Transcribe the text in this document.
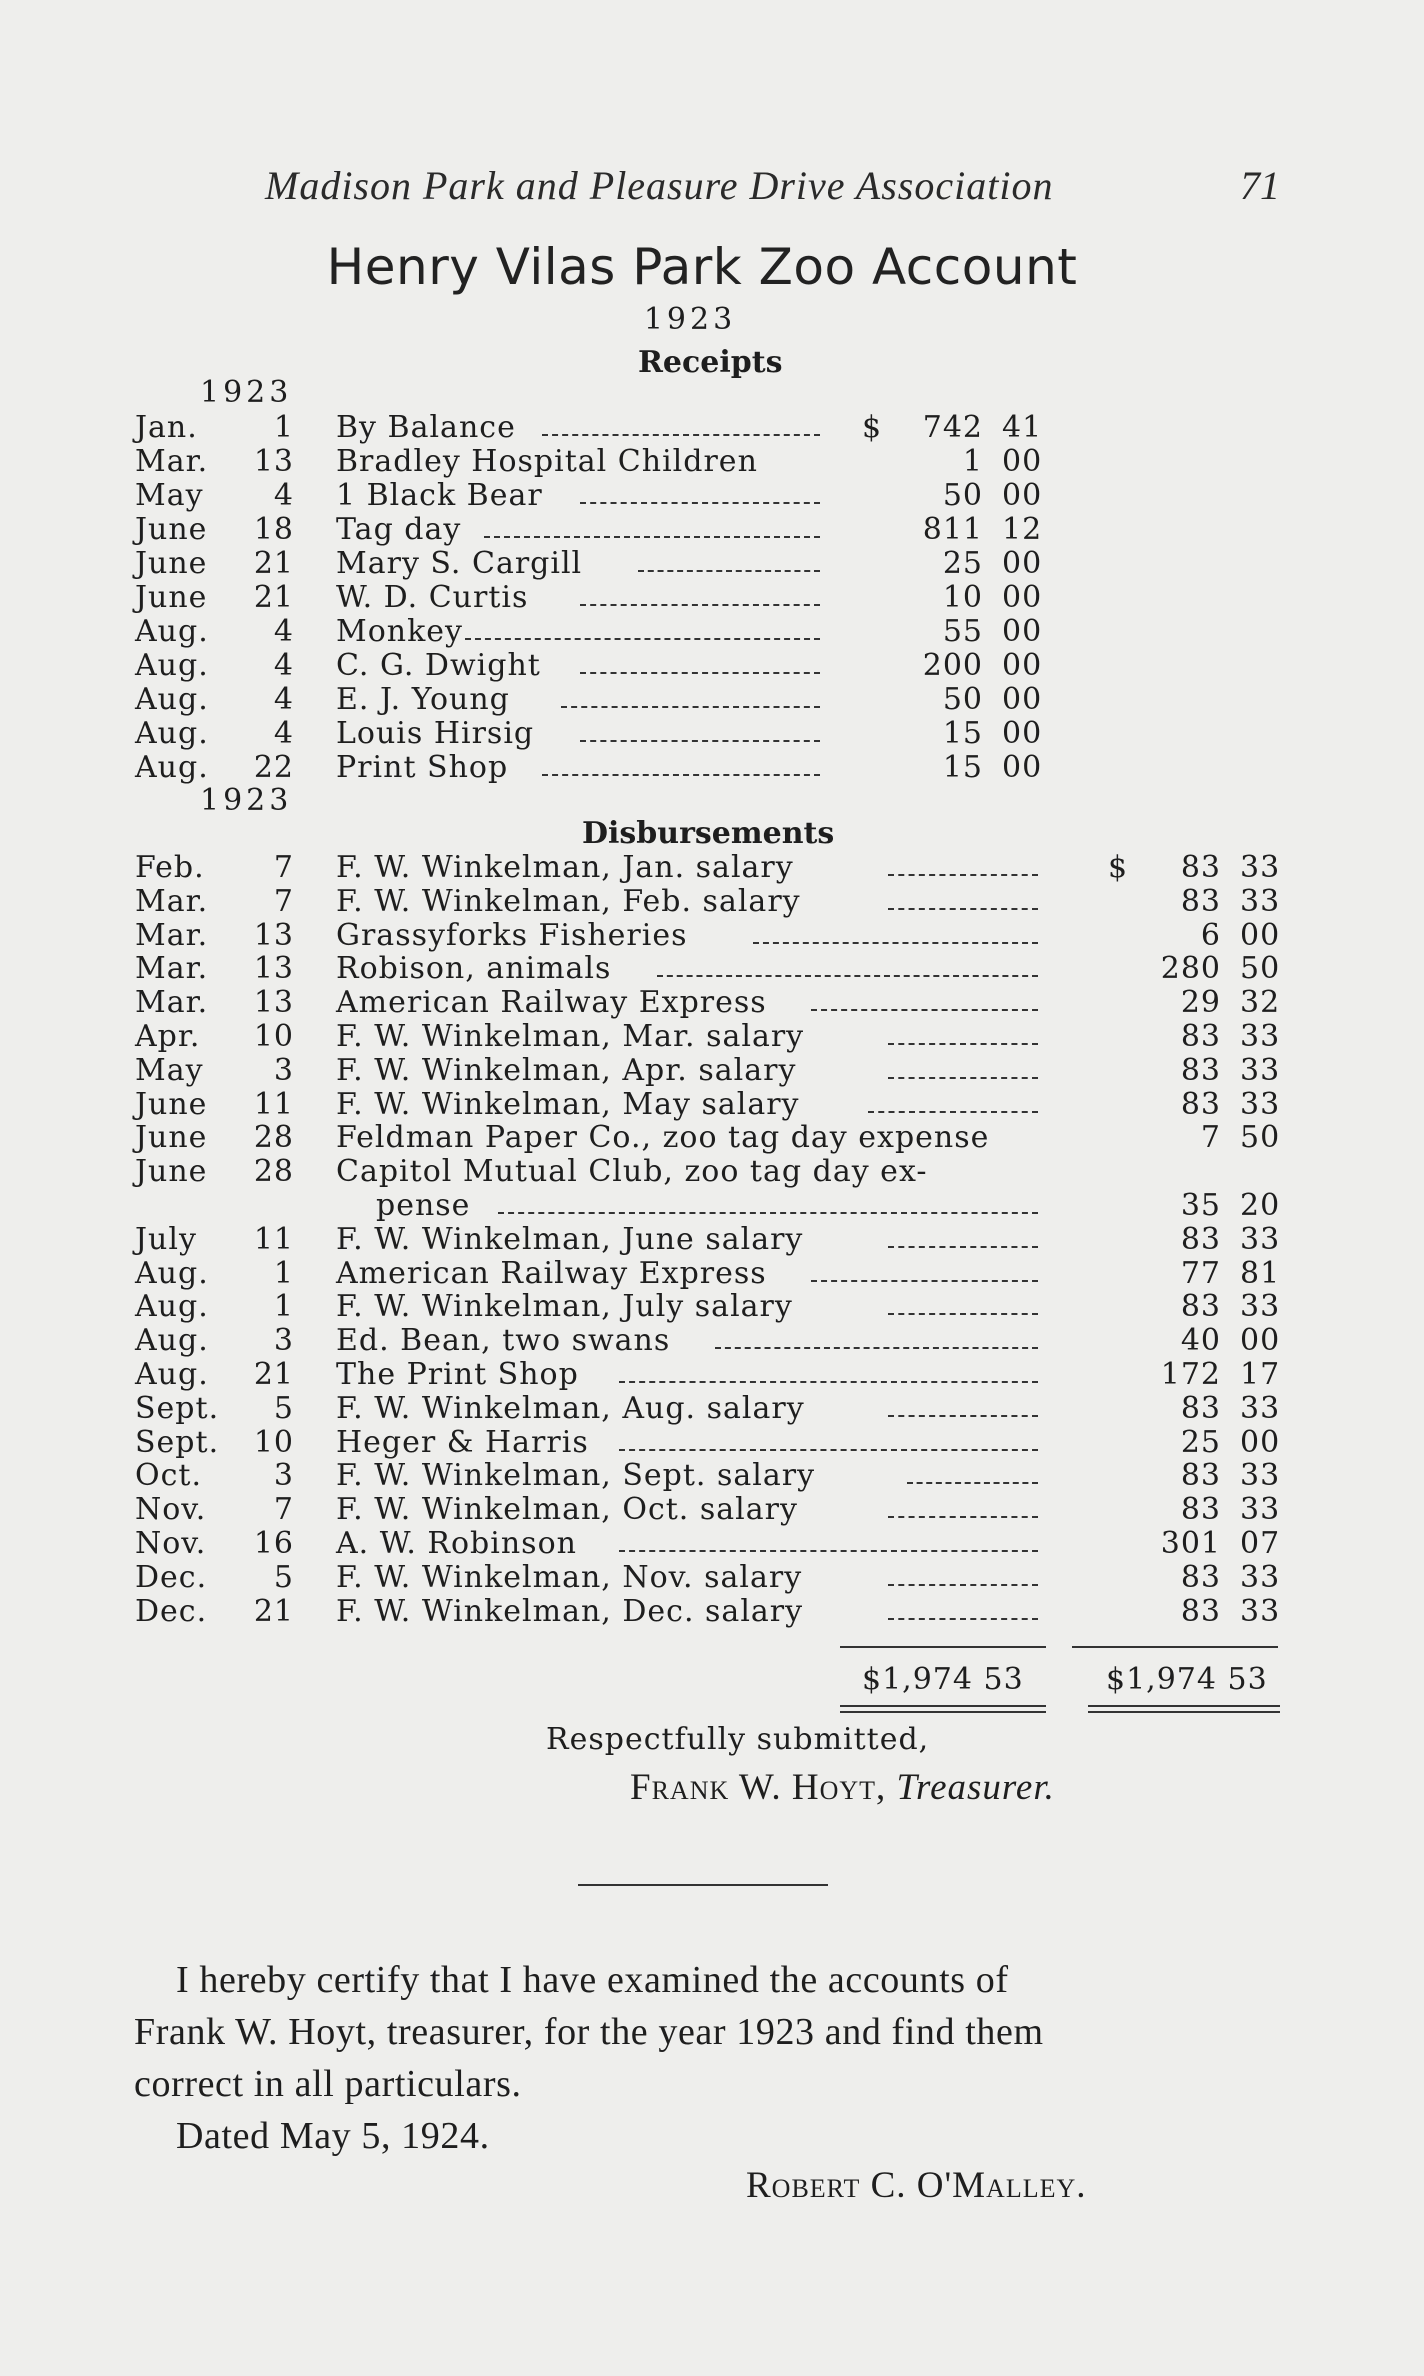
Madison Park and Pleasure Drive Association	71
Henry Vilas Park Zoo Account
1923
Receipts
1923
Jan.	1 By Balance	$ 742 41
Mar. 13 Bradley Hospital Children	1 00
May 4 1 Black Bear	50 00
June 18 Tag day	811 12
June 21 Mary S. Cargill	25 00
June 21 W. D. Curtis	10 00
Aug. 4 Monkey	55 00
Aug. 4 C. G. Dwight	200 00
Aug. 4 E. J. Young	50 00
Aug. 4 Louis Hirsig	15 00
Aug. 22 Print Shop	15 00
1923
Disbursements
Feb. 7 F. W. Winkelman, Jan. salary	$ 83 33
Mar. 7 F. W. Winkelman, Feb. salary	83 33
Mar. 13 Grassyforks Fisheries	6 00
Mar. 13 Robison, animals	280 50
Mar. 13 American Railway Express	29 32
Apr. 10 F. W. Winkelman, Mar. salary	83 33
May 3 F. W. Winkelman, Apr. salary	83 33
June 11 F. W. Winkelman, May salary	83 33
June 28 Feldman Paper Co., zoo tag day expense	7 50
June 28 Capitol Mutual Club, zoo tag day ex-
pense	35 20
July 11 F. W. Winkelman, June salary	83 33
Aug. 1 American Railway Express	77 81
Aug. 1 F. W. Winkelman, July salary	83 33
Aug. 3 Ed. Bean, two swans	40 00
Aug. 21 The Print Shop	172 17
Sept. 5 F. W. Winkelman, Aug. salary	83 33
Sept. 10 Heger & Harris	25 00
Oct. 3 F. W. Winkelman, Sept. salary	83 33
Nov. 7 F. W. Winkelman, Oct. salary	83 33
Nov. 16 A. W. Robinson	301 07
Dec. 5 F. W. Winkelman, Nov. salary	83 33
Dec. 21 F. W. Winkelman, Dec. salary	83 33
$1,974 53	$1,974 53
Respectfully submitted,
Frank W. Hoyt, Treasurer.
I hereby certify that I have examined the accounts of
Frank W. Hoyt, treasurer, for the year 1923 and find them
correct in all particulars.
Dated May 5, 1924.
Robert C. O'Malley.
